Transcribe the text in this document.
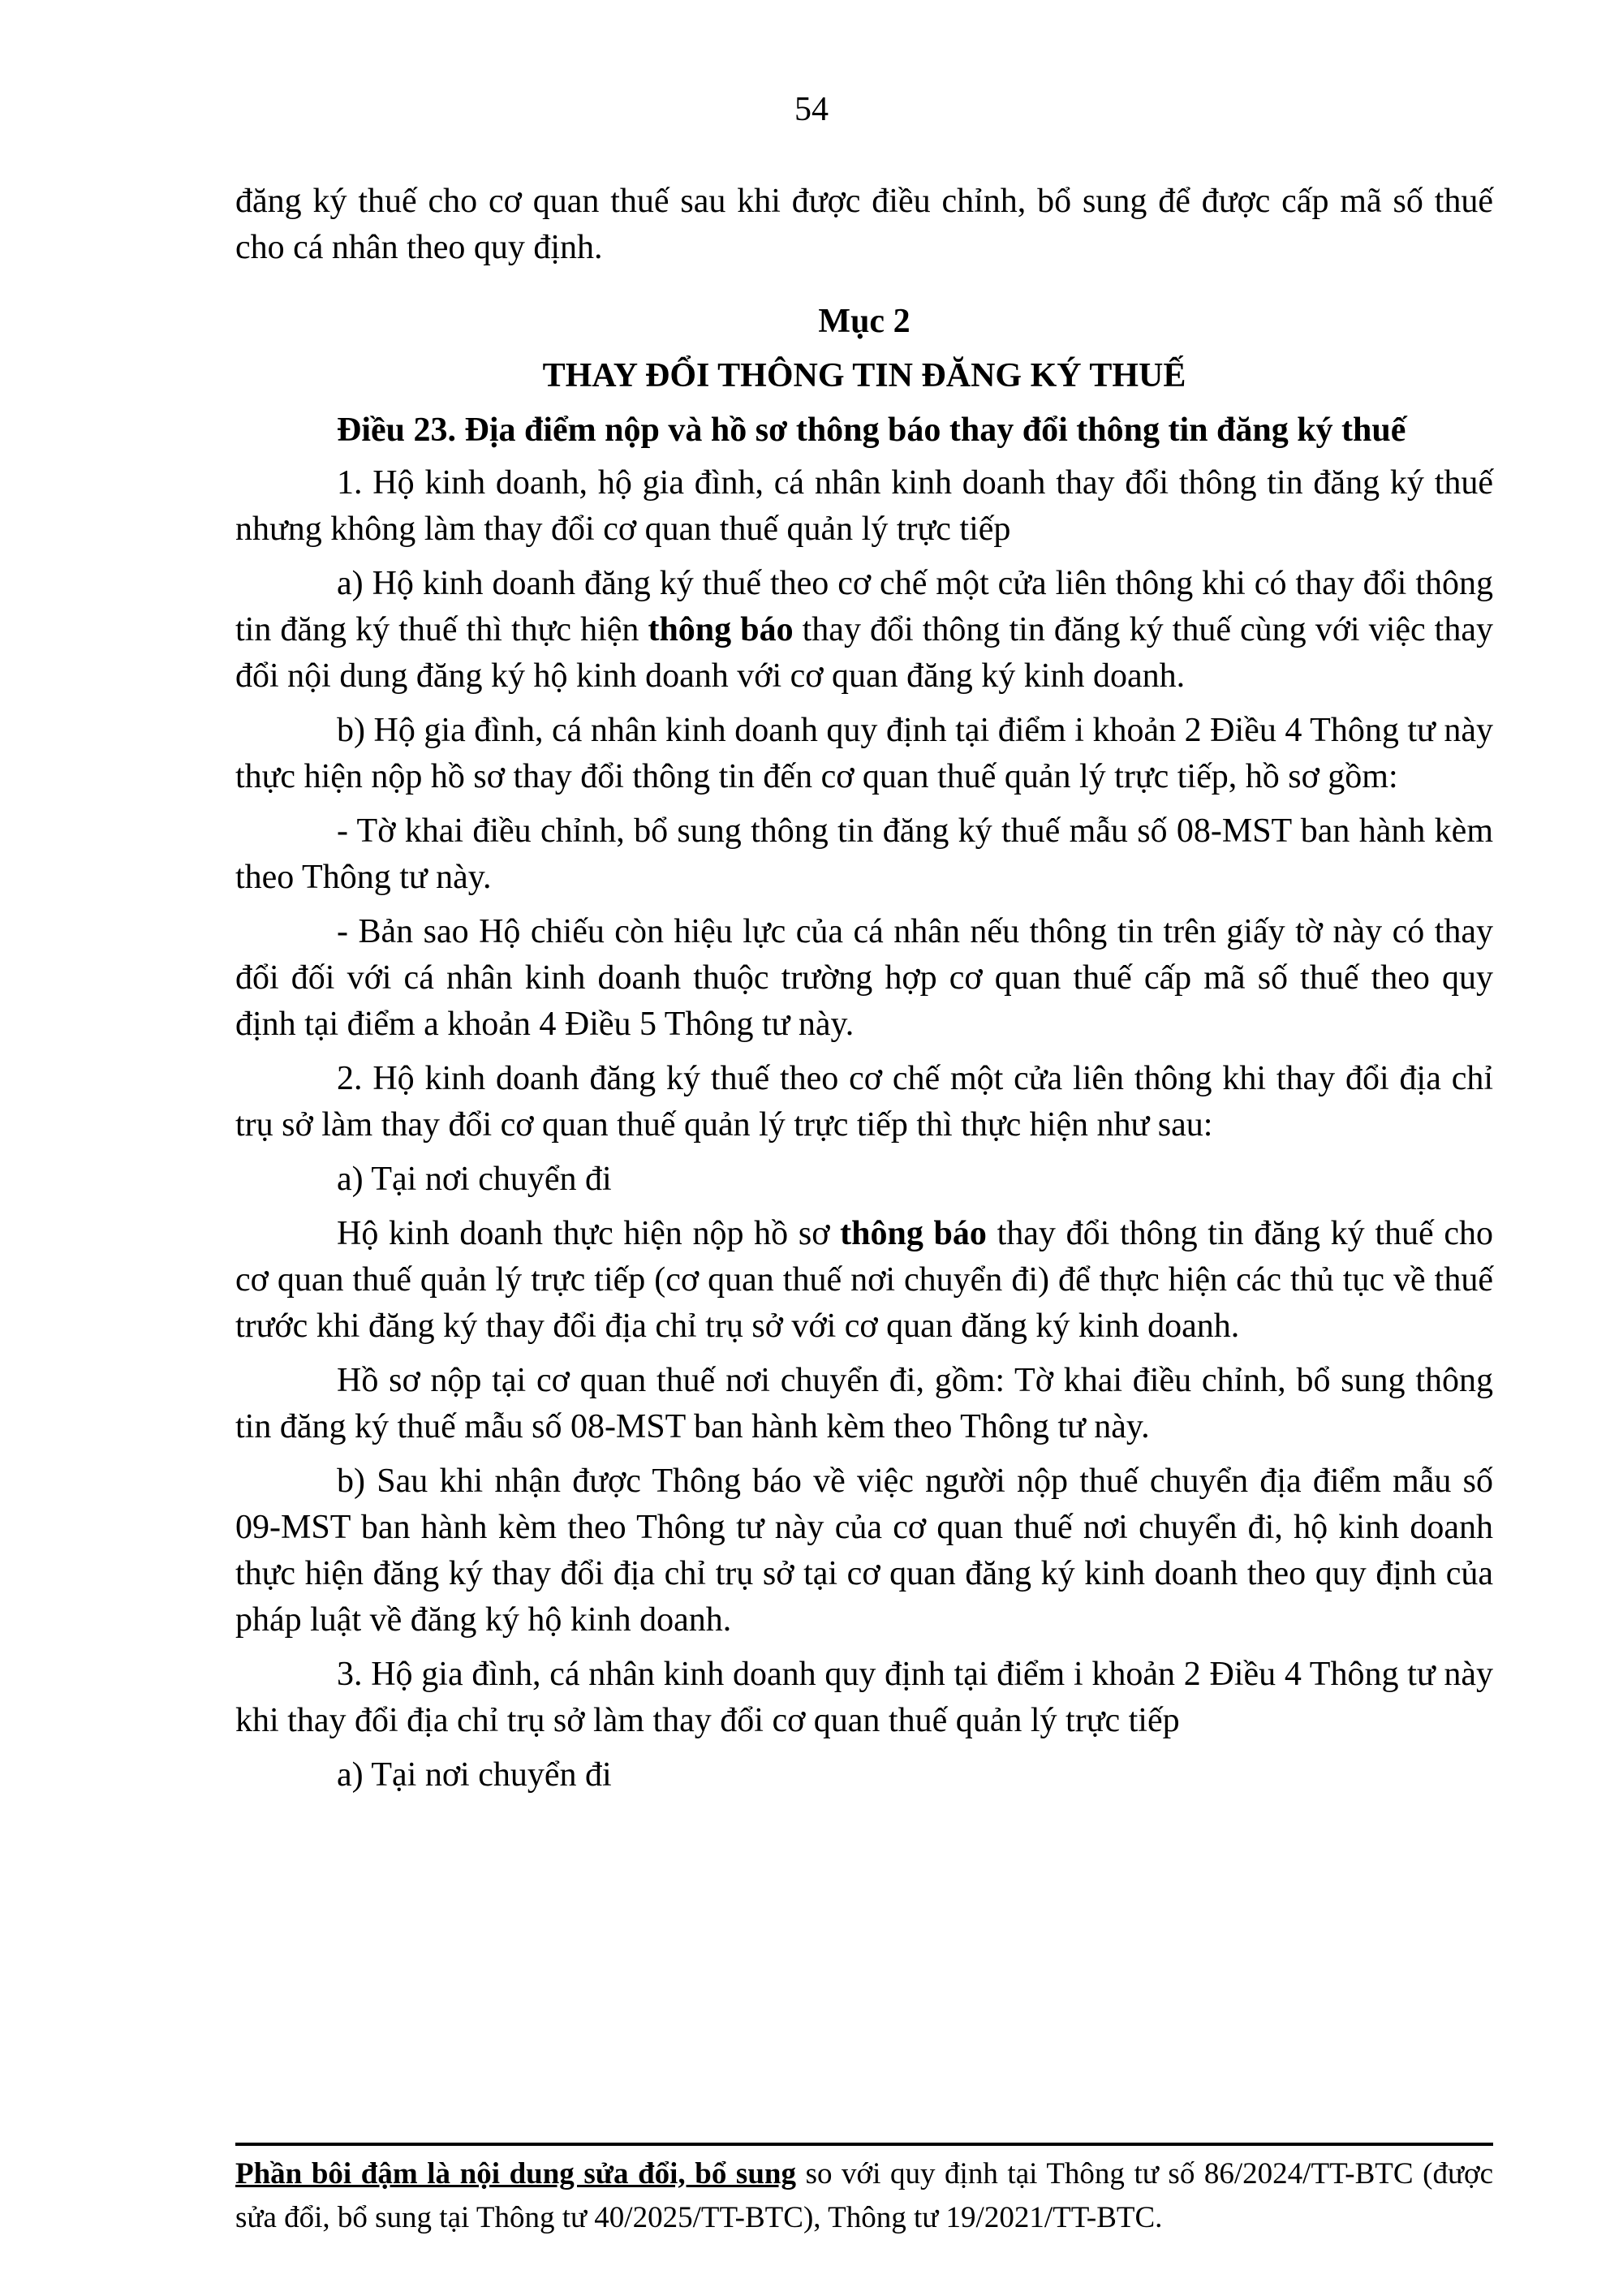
54

đăng ký thuế cho cơ quan thuế sau khi được điều chỉnh, bổ sung để được cấp mã số thuế cho cá nhân theo quy định.

Mục 2

THAY ĐỔI THÔNG TIN ĐĂNG KÝ THUẾ

Điều 23. Địa điểm nộp và hồ sơ thông báo thay đổi thông tin đăng ký thuế

1. Hộ kinh doanh, hộ gia đình, cá nhân kinh doanh thay đổi thông tin đăng ký thuế nhưng không làm thay đổi cơ quan thuế quản lý trực tiếp

a) Hộ kinh doanh đăng ký thuế theo cơ chế một cửa liên thông khi có thay đổi thông tin đăng ký thuế thì thực hiện thông báo thay đổi thông tin đăng ký thuế cùng với việc thay đổi nội dung đăng ký hộ kinh doanh với cơ quan đăng ký kinh doanh.

b) Hộ gia đình, cá nhân kinh doanh quy định tại điểm i khoản 2 Điều 4 Thông tư này thực hiện nộp hồ sơ thay đổi thông tin đến cơ quan thuế quản lý trực tiếp, hồ sơ gồm:

- Tờ khai điều chỉnh, bổ sung thông tin đăng ký thuế mẫu số 08-MST ban hành kèm theo Thông tư này.

- Bản sao Hộ chiếu còn hiệu lực của cá nhân nếu thông tin trên giấy tờ này có thay đổi đối với cá nhân kinh doanh thuộc trường hợp cơ quan thuế cấp mã số thuế theo quy định tại điểm a khoản 4 Điều 5 Thông tư này.

2. Hộ kinh doanh đăng ký thuế theo cơ chế một cửa liên thông khi thay đổi địa chỉ trụ sở làm thay đổi cơ quan thuế quản lý trực tiếp thì thực hiện như sau:

a) Tại nơi chuyển đi

Hộ kinh doanh thực hiện nộp hồ sơ thông báo thay đổi thông tin đăng ký thuế cho cơ quan thuế quản lý trực tiếp (cơ quan thuế nơi chuyển đi) để thực hiện các thủ tục về thuế trước khi đăng ký thay đổi địa chỉ trụ sở với cơ quan đăng ký kinh doanh.

Hồ sơ nộp tại cơ quan thuế nơi chuyển đi, gồm: Tờ khai điều chỉnh, bổ sung thông tin đăng ký thuế mẫu số 08-MST ban hành kèm theo Thông tư này.

b) Sau khi nhận được Thông báo về việc người nộp thuế chuyển địa điểm mẫu số 09-MST ban hành kèm theo Thông tư này của cơ quan thuế nơi chuyển đi, hộ kinh doanh thực hiện đăng ký thay đổi địa chỉ trụ sở tại cơ quan đăng ký kinh doanh theo quy định của pháp luật về đăng ký hộ kinh doanh.

3. Hộ gia đình, cá nhân kinh doanh quy định tại điểm i khoản 2 Điều 4 Thông tư này khi thay đổi địa chỉ trụ sở làm thay đổi cơ quan thuế quản lý trực tiếp

a) Tại nơi chuyển đi

Phần bôi đậm là nội dung sửa đổi, bổ sung so với quy định tại Thông tư số 86/2024/TT-BTC (được sửa đổi, bổ sung tại Thông tư 40/2025/TT-BTC), Thông tư 19/2021/TT-BTC.
